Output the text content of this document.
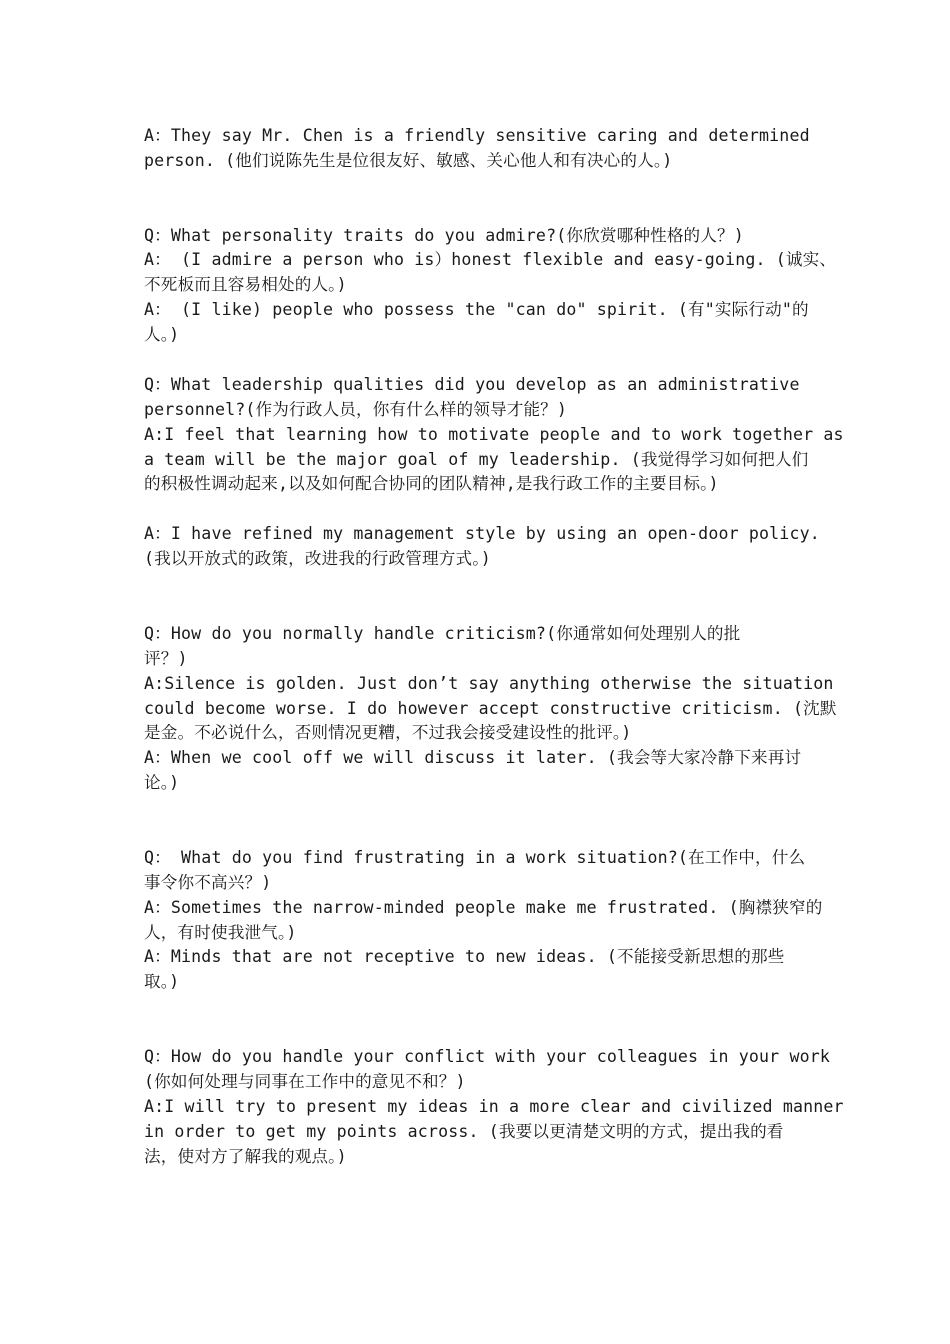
A：They say Mr. Chen is a friendly sensitive caring and determined
person. (他们说陈先生是位很友好、敏感、关心他人和有决心的人。)
Q：What personality traits do you admire?(你欣赏哪种性格的人？)
A： (I admire a person who is）honest flexible and easy-going. (诚实、
不死板而且容易相处的人。)
A： (I like) people who possess the "can do" spirit. (有"实际行动"的
人。)
Q：What leadership qualities did you develop as an administrative
personnel?(作为行政人员，你有什么样的领导才能？)
A:I feel that learning how to motivate people and to work together as
a team will be the major goal of my leadership. (我觉得学习如何把人们
的积极性调动起来,以及如何配合协同的团队精神,是我行政工作的主要目标。)
A：I have refined my management style by using an open-door policy.
(我以开放式的政策，改进我的行政管理方式。)
Q：How do you normally handle criticism?(你通常如何处理别人的批
评？)
A:Silence is golden. Just don’t say anything otherwise the situation
could become worse. I do however accept constructive criticism. (沈默
是金。不必说什么，否则情况更糟，不过我会接受建设性的批评。)
A：When we cool off we will discuss it later. (我会等大家冷静下来再讨
论。)
Q： What do you find frustrating in a work situation?(在工作中，什么
事令你不高兴？)
A：Sometimes the narrow-minded people make me frustrated. (胸襟狭窄的
人，有时使我泄气。)
A：Minds that are not receptive to new ideas. (不能接受新思想的那些
取。)
Q：How do you handle your conflict with your colleagues in your work
(你如何处理与同事在工作中的意见不和？)
A:I will try to present my ideas in a more clear and civilized manner
in order to get my points across. (我要以更清楚文明的方式，提出我的看
法，使对方了解我的观点。)
